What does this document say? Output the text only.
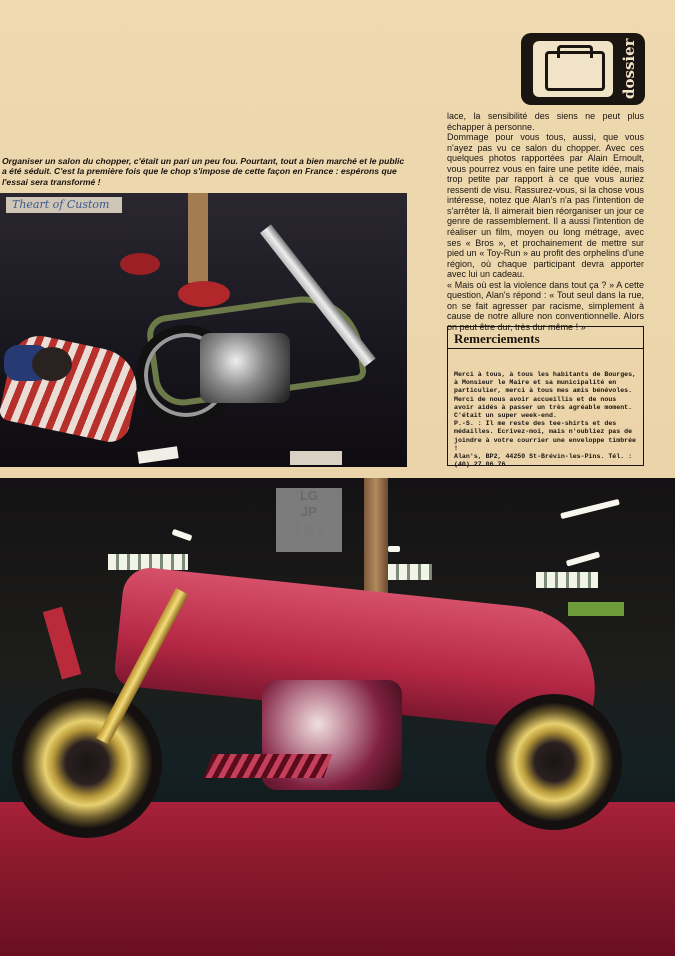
dossier

Organiser un salon du chopper, c'était un pari un peu fou. Pourtant, tout a bien marché et le public a été séduit. C'est la première fois que le chop s'impose de cette façon en France : espérons que l'essai sera transformé !

lace, la sensibilité des siens ne peut plus échapper à personne.

Dommage pour vous tous, aussi, que vous n'ayez pas vu ce salon du chopper. Avec ces quelques photos rapportées par Alain Ernoult, vous pourrez vous en faire une petite idée, mais trop petite par rapport à ce que vous auriez ressenti de visu. Rassurez-vous, si la chose vous intéresse, notez que Alan's n'a pas l'intention de s'arrêter là. Il aimerait bien réorganiser un jour ce genre de rassemblement. Il a aussi l'intention de réaliser un film, moyen ou long métrage, avec ses « Bros », et prochainement de mettre sur pied un « Toy-Run » au profit des orphelins d'une région, où chaque participant devra apporter avec lui un cadeau.

« Mais où est la violence dans tout ça ? » A cette question, Alan's répond : « Tout seul dans la rue, on se fait agresser par racisme, simplement à cause de notre allure non conventionnelle. Alors on peut être dur, très dur même ! »

Remerciements

Merci à tous, à tous les habitants de Bourges, à Monsieur le Maire et sa municipalité en particulier, merci à tous mes amis bénévoles. Merci de nous avoir accueillis et de nous avoir aidés à passer un très agréable moment. C'était un super week-end.

P.-S. : Il me reste des tee-shirts et des médailles. Ecrivez-moi, mais n'oubliez pas de joindre à votre courrier une enveloppe timbrée !

Alan's, BP2, 44250 St-Brévin-les-Pins. Tél. : (40) 27.06.76.

Theart of Custom
LG
JP
HD
